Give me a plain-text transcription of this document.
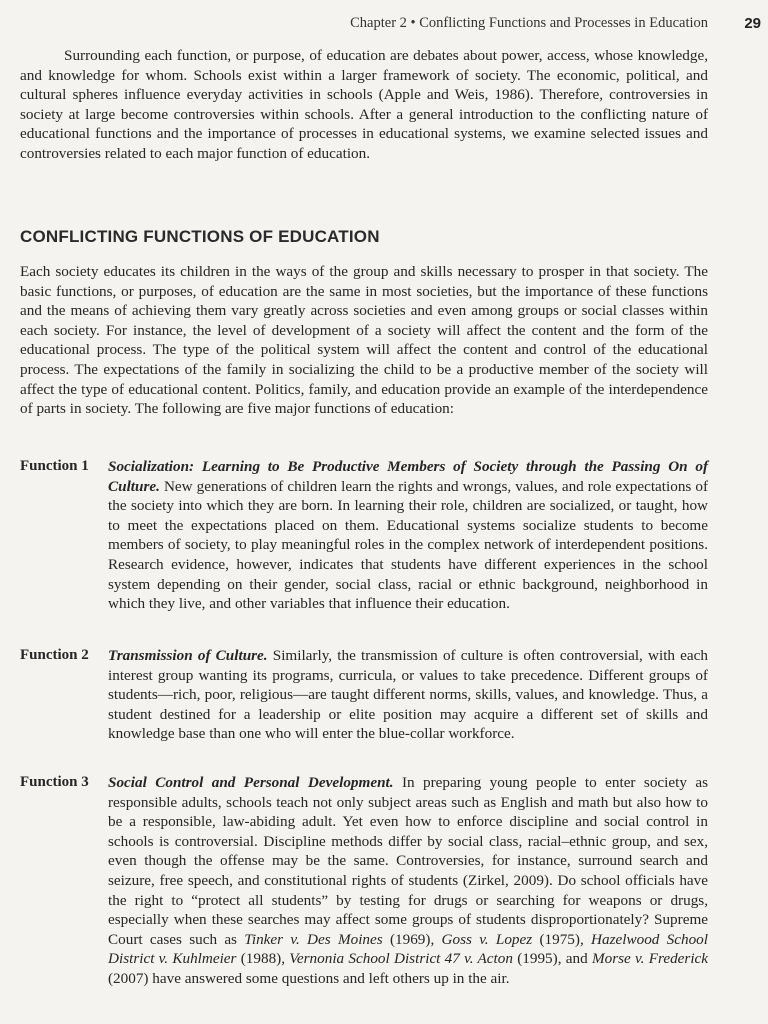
Chapter 2 • Conflicting Functions and Processes in Education 29

Surrounding each function, or purpose, of education are debates about power, access, whose knowledge, and knowledge for whom. Schools exist within a larger framework of society. The economic, political, and cultural spheres influence everyday activities in schools (Apple and Weis, 1986). Therefore, controversies in society at large become controversies within schools. After a general introduction to the conflicting nature of educational functions and the importance of processes in educational systems, we examine selected issues and controversies related to each major function of education.

CONFLICTING FUNCTIONS OF EDUCATION

Each society educates its children in the ways of the group and skills necessary to prosper in that society. The basic functions, or purposes, of education are the same in most societies, but the importance of these functions and the means of achieving them vary greatly across societies and even among groups or social classes within each society. For instance, the level of development of a society will affect the content and the form of the educational process. The type of the political system will affect the content and control of the educational process. The expectations of the family in socializing the child to be a productive member of the society will affect the type of educational content. Politics, family, and education provide an example of the interdependence of parts in society. The following are five major functions of education:

Function 1 Socialization: Learning to Be Productive Members of Society through the Passing On of Culture. New generations of children learn the rights and wrongs, values, and role expectations of the society into which they are born. In learning their role, children are socialized, or taught, how to meet the expectations placed on them. Educational systems socialize students to become members of society, to play meaningful roles in the complex network of interdependent positions. Research evidence, however, indicates that students have different experiences in the school system depending on their gender, social class, racial or ethnic background, neighborhood in which they live, and other variables that influence their education.

Function 2 Transmission of Culture. Similarly, the transmission of culture is often controversial, with each interest group wanting its programs, curricula, or values to take precedence. Different groups of students—rich, poor, religious—are taught different norms, skills, values, and knowledge. Thus, a student destined for a leadership or elite position may acquire a different set of skills and knowledge base than one who will enter the blue-collar workforce.

Function 3 Social Control and Personal Development. In preparing young people to enter society as responsible adults, schools teach not only subject areas such as English and math but also how to be a responsible, law-abiding adult. Yet even how to enforce discipline and social control in schools is controversial. Discipline methods differ by social class, racial–ethnic group, and sex, even though the offense may be the same. Controversies, for instance, surround search and seizure, free speech, and constitutional rights of students (Zirkel, 2009). Do school officials have the right to “protect all students” by testing for drugs or searching for weapons or drugs, especially when these searches may affect some groups of students disproportionately? Supreme Court cases such as Tinker v. Des Moines (1969), Goss v. Lopez (1975), Hazelwood School District v. Kuhlmeier (1988), Vernonia School District 47 v. Acton (1995), and Morse v. Frederick (2007) have answered some questions and left others up in the air.
